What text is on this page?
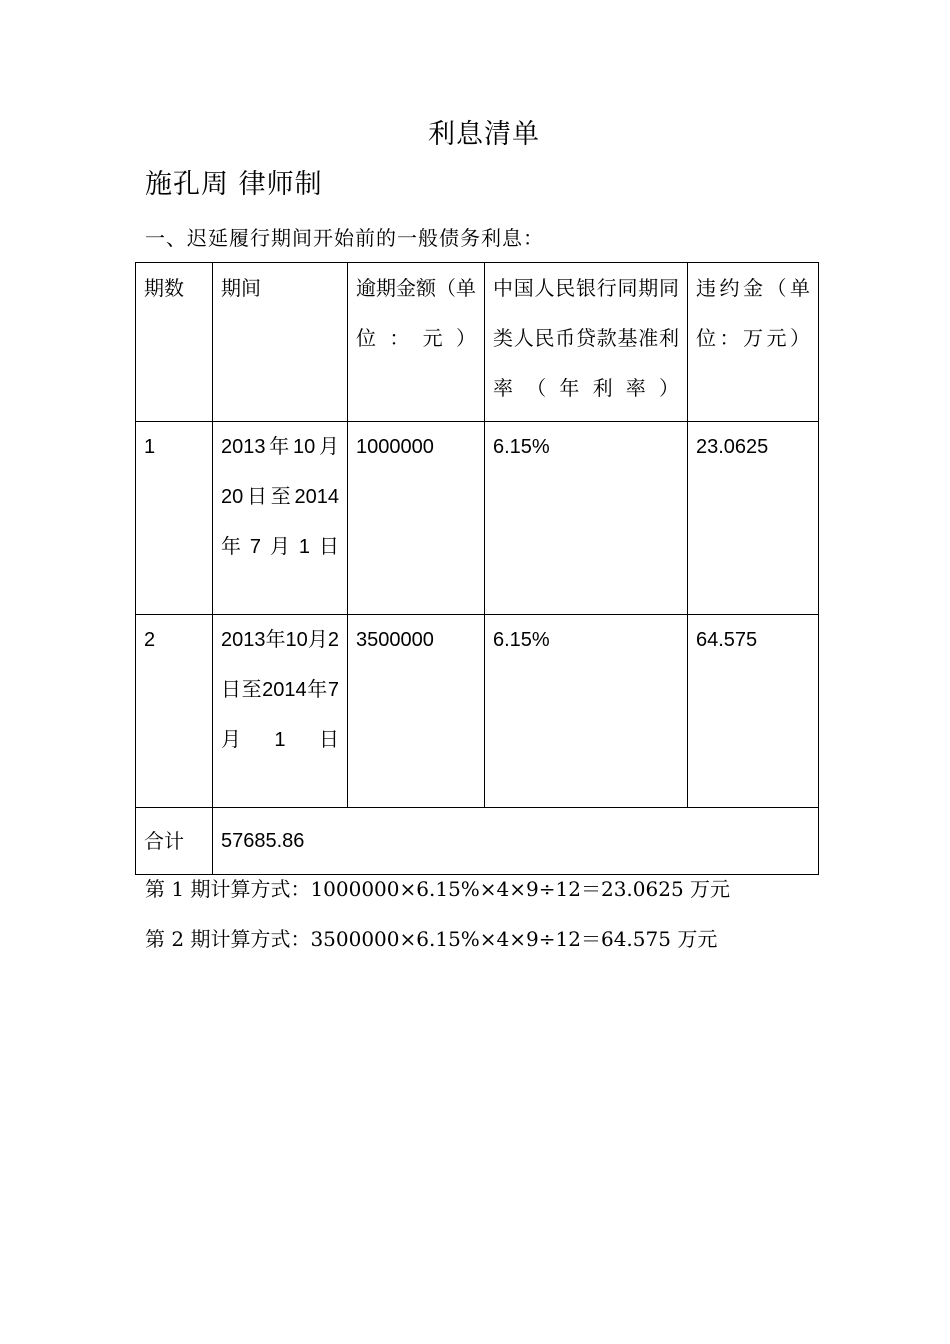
利息清单
施孔周 律师制
一、迟延履行期间开始前的一般债务利息：
期数	期间	逾期金额（单位：元）	中国人民银行同期同类人民币贷款基准利率（年利率）	违约金（单位：万元）
1	2013年10月20日至2014年7月1日	1000000	6.15%	23.0625
2	2013年10月2日至2014年7月1日	3500000	6.15%	64.575
合计	57685.86			
第 1 期计算方式：1000000×6.15%×4×9÷12＝23.0625 万元
第 2 期计算方式：3500000×6.15%×4×9÷12＝64.575 万元
